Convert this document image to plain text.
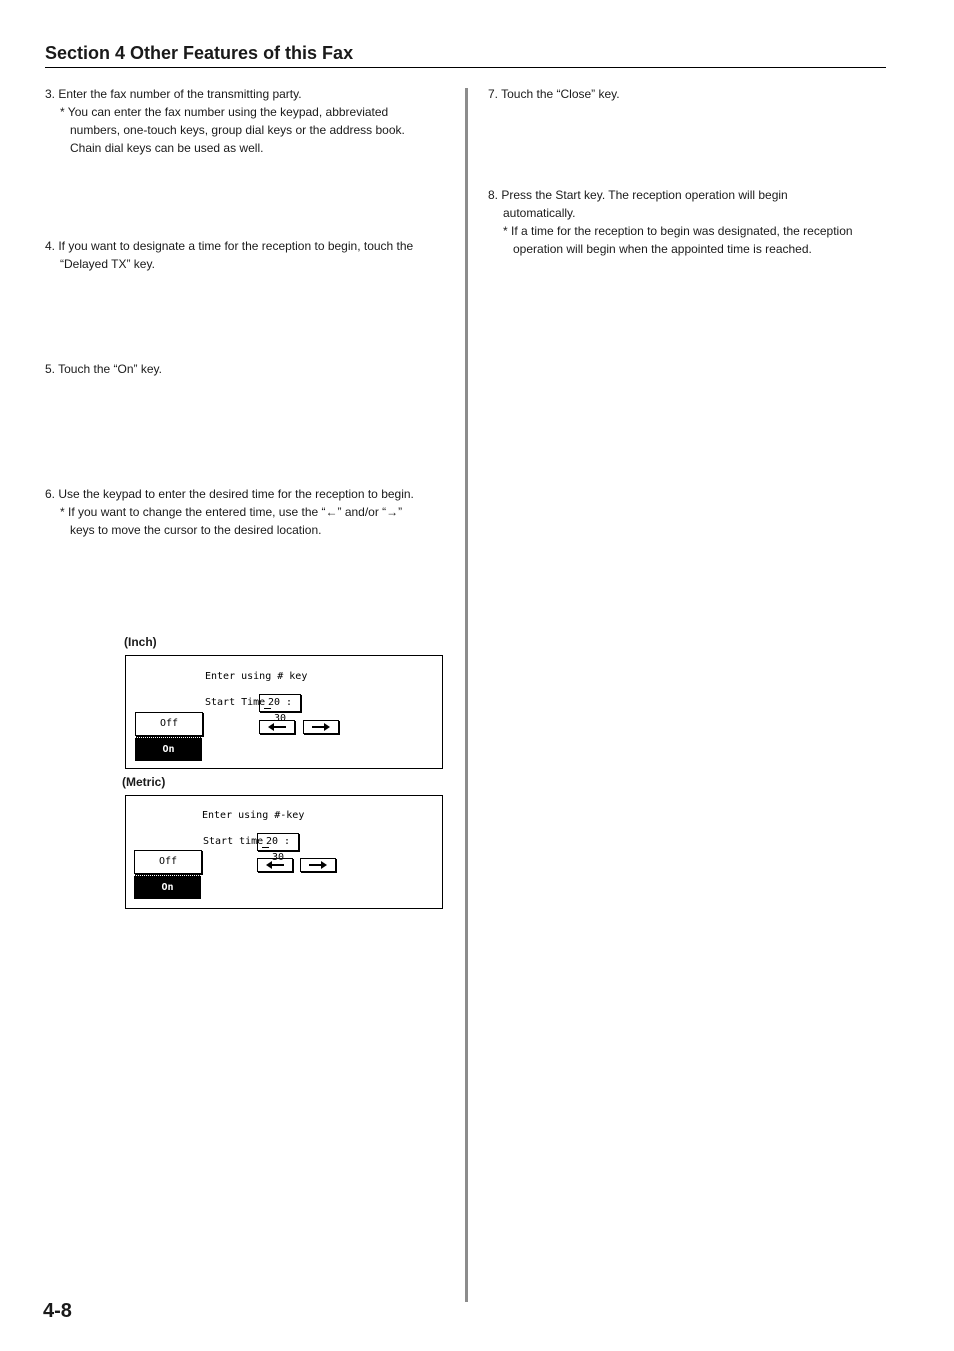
Section 4 Other Features of this Fax

3. Enter the fax number of the transmitting party.
* You can enter the fax number using the keypad, abbreviated
numbers, one-touch keys, group dial keys or the address book.
Chain dial keys can be used as well.

4. If you want to designate a time for the reception to begin, touch the
“Delayed TX” key.

5. Touch the “On” key.

6. Use the keypad to enter the desired time for the reception to begin.
* If you want to change the entered time, use the “←” and/or “→”
keys to move the cursor to the desired location.

(Inch)
Enter using # key
Start Time 20 : 30
Off
On
(Metric)
Enter using #-key
Start time 20 : 30
Off
On

7. Touch the “Close” key.

8. Press the Start key. The reception operation will begin
automatically.
* If a time for the reception to begin was designated, the reception
operation will begin when the appointed time is reached.

4-8
